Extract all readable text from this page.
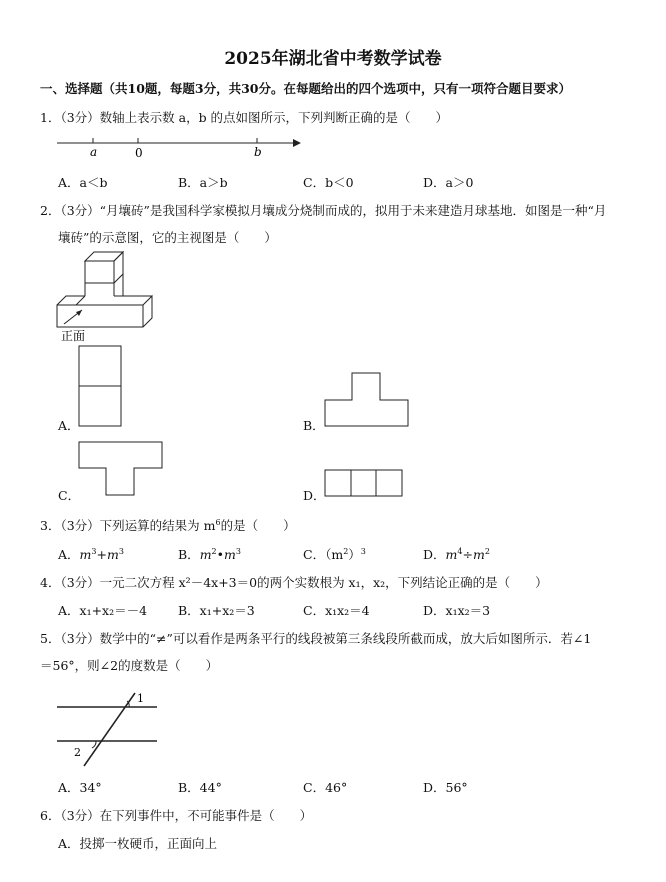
2025年湖北省中考数学试卷
一、选择题（共10题，每题3分，共30分。在每题给出的四个选项中，只有一项符合题目要求）
1．（3分）数轴上表示数 a，b 的点如图所示，下列判断正确的是（　　）
a	0	b
A．a＜b	B．a＞b	C．b＜0	D．a＞0
2．（3分）“月壤砖”是我国科学家模拟月壤成分烧制而成的，拟用于未来建造月球基地．如图是一种“月
壤砖”的示意图，它的主视图是（　　）
正面
A．	B．
C．	D．
3．（3分）下列运算的结果为 $m^6$的是（　　）
A．$m^3+m^3$	B．$m^2•m^3$	C．$(m^2)^3$	D．$m^4\div m^2$
4．（3分）一元二次方程 x²－4x+3＝0的两个实数根为 x₁，x₂，下列结论正确的是（　　）
A．x₁+x₂＝－4 B．x₁+x₂＝3	C．x₁x₂＝4	D．x₁x₂＝3
5．（3分）数学中的“≠”可以看作是两条平行的线段被第三条线段所截而成，放大后如图所示．若∠1
＝56°，则∠2的度数是（　　）
1
2
A．34°	B．44°	C．46°	D．56°
6．（3分）在下列事件中，不可能事件是（　　）
A．投掷一枚硬币，正面向上
